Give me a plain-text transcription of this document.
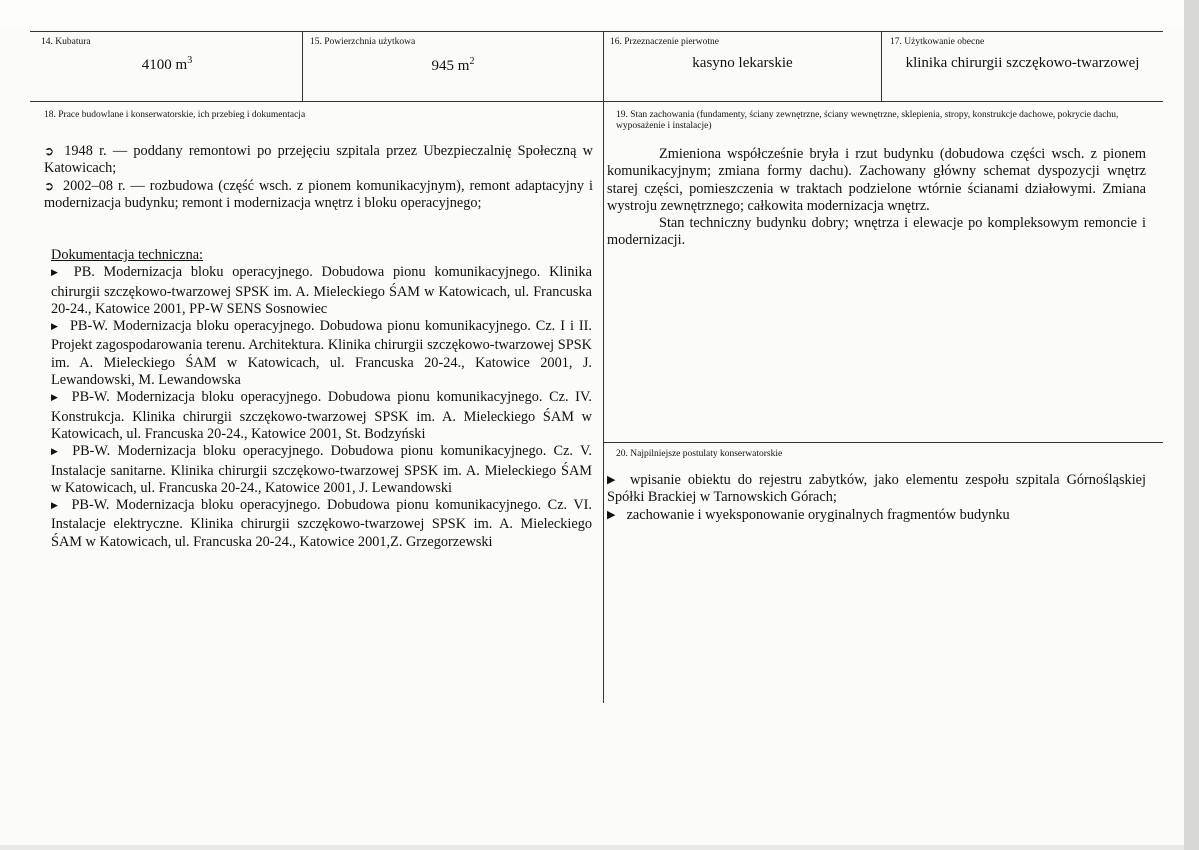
14. Kubatura
4100 $m^3$
15. Powierzchnia użytkowa
945 $m^2$
16. Przeznaczenie pierwotne
kasyno lekarskie
17. Użytkowanie obecne
klinika chirurgii szczękowo-twarzowej
18. Prace budowlane i konserwatorskie, ich przebieg i dokumentacja

➲ 1948 r. — poddany remontowi po przejęciu szpitala przez Ubezpieczalnię Społeczną w Katowicach;

➲ 2002–08 r. — rozbudowa (część wsch. z pionem komunikacyjnym), remont adaptacyjny i modernizacja budynku; remont i modernizacja wnętrz i bloku operacyjnego;

Dokumentacja techniczna:

▶ PB. Modernizacja bloku operacyjnego. Dobudowa pionu komunikacyjnego. Klinika chirurgii szczękowo-twarzowej SPSK im. A. Mieleckiego ŚAM w Katowicach, ul. Francuska 20-24., Katowice 2001, PP-W SENS Sosnowiec

▶ PB-W. Modernizacja bloku operacyjnego. Dobudowa pionu komunikacyjnego. Cz. I i II. Projekt zagospodarowania terenu. Architektura. Klinika chirurgii szczękowo-twarzowej SPSK im. A. Mieleckiego ŚAM w Katowicach, ul. Francuska 20-24., Katowice 2001, J. Lewandowski, M. Lewandowska

▶ PB-W. Modernizacja bloku operacyjnego. Dobudowa pionu komunikacyjnego. Cz. IV. Konstrukcja. Klinika chirurgii szczękowo-twarzowej SPSK im. A. Mieleckiego ŚAM w Katowicach, ul. Francuska 20-24., Katowice 2001, St. Bodzyński

▶ PB-W. Modernizacja bloku operacyjnego. Dobudowa pionu komunikacyjnego. Cz. V. Instalacje sanitarne. Klinika chirurgii szczękowo-twarzowej SPSK im. A. Mieleckiego ŚAM w Katowicach, ul. Francuska 20-24., Katowice 2001, J. Lewandowski

▶ PB-W. Modernizacja bloku operacyjnego. Dobudowa pionu komunikacyjnego. Cz. VI. Instalacje elektryczne. Klinika chirurgii szczękowo-twarzowej SPSK im. A. Mieleckiego ŚAM w Katowicach, ul. Francuska 20-24., Katowice 2001,Z. Grzegorzewski

19. Stan zachowania (fundamenty, ściany zewnętrzne, ściany wewnętrzne, sklepienia, stropy, konstrukcje dachowe, pokrycie dachu, wyposażenie i instalacje)

Zmieniona współcześnie bryła i rzut budynku (dobudowa części wsch. z pionem komunikacyjnym; zmiana formy dachu). Zachowany główny schemat dyspozycji wnętrz starej części, pomieszczenia w traktach podzielone wtórnie ścianami działowymi. Zmiana wystroju zewnętrznego; całkowita modernizacja wnętrz.

Stan techniczny budynku dobry; wnętrza i elewacje po kompleksowym remoncie i modernizacji.

20. Najpilniejsze postulaty konserwatorskie

▶ wpisanie obiektu do rejestru zabytków, jako elementu zespołu szpitala Górnośląskiej Spółki Brackiej w Tarnowskich Górach;

▶ zachowanie i wyeksponowanie oryginalnych fragmentów budynku
